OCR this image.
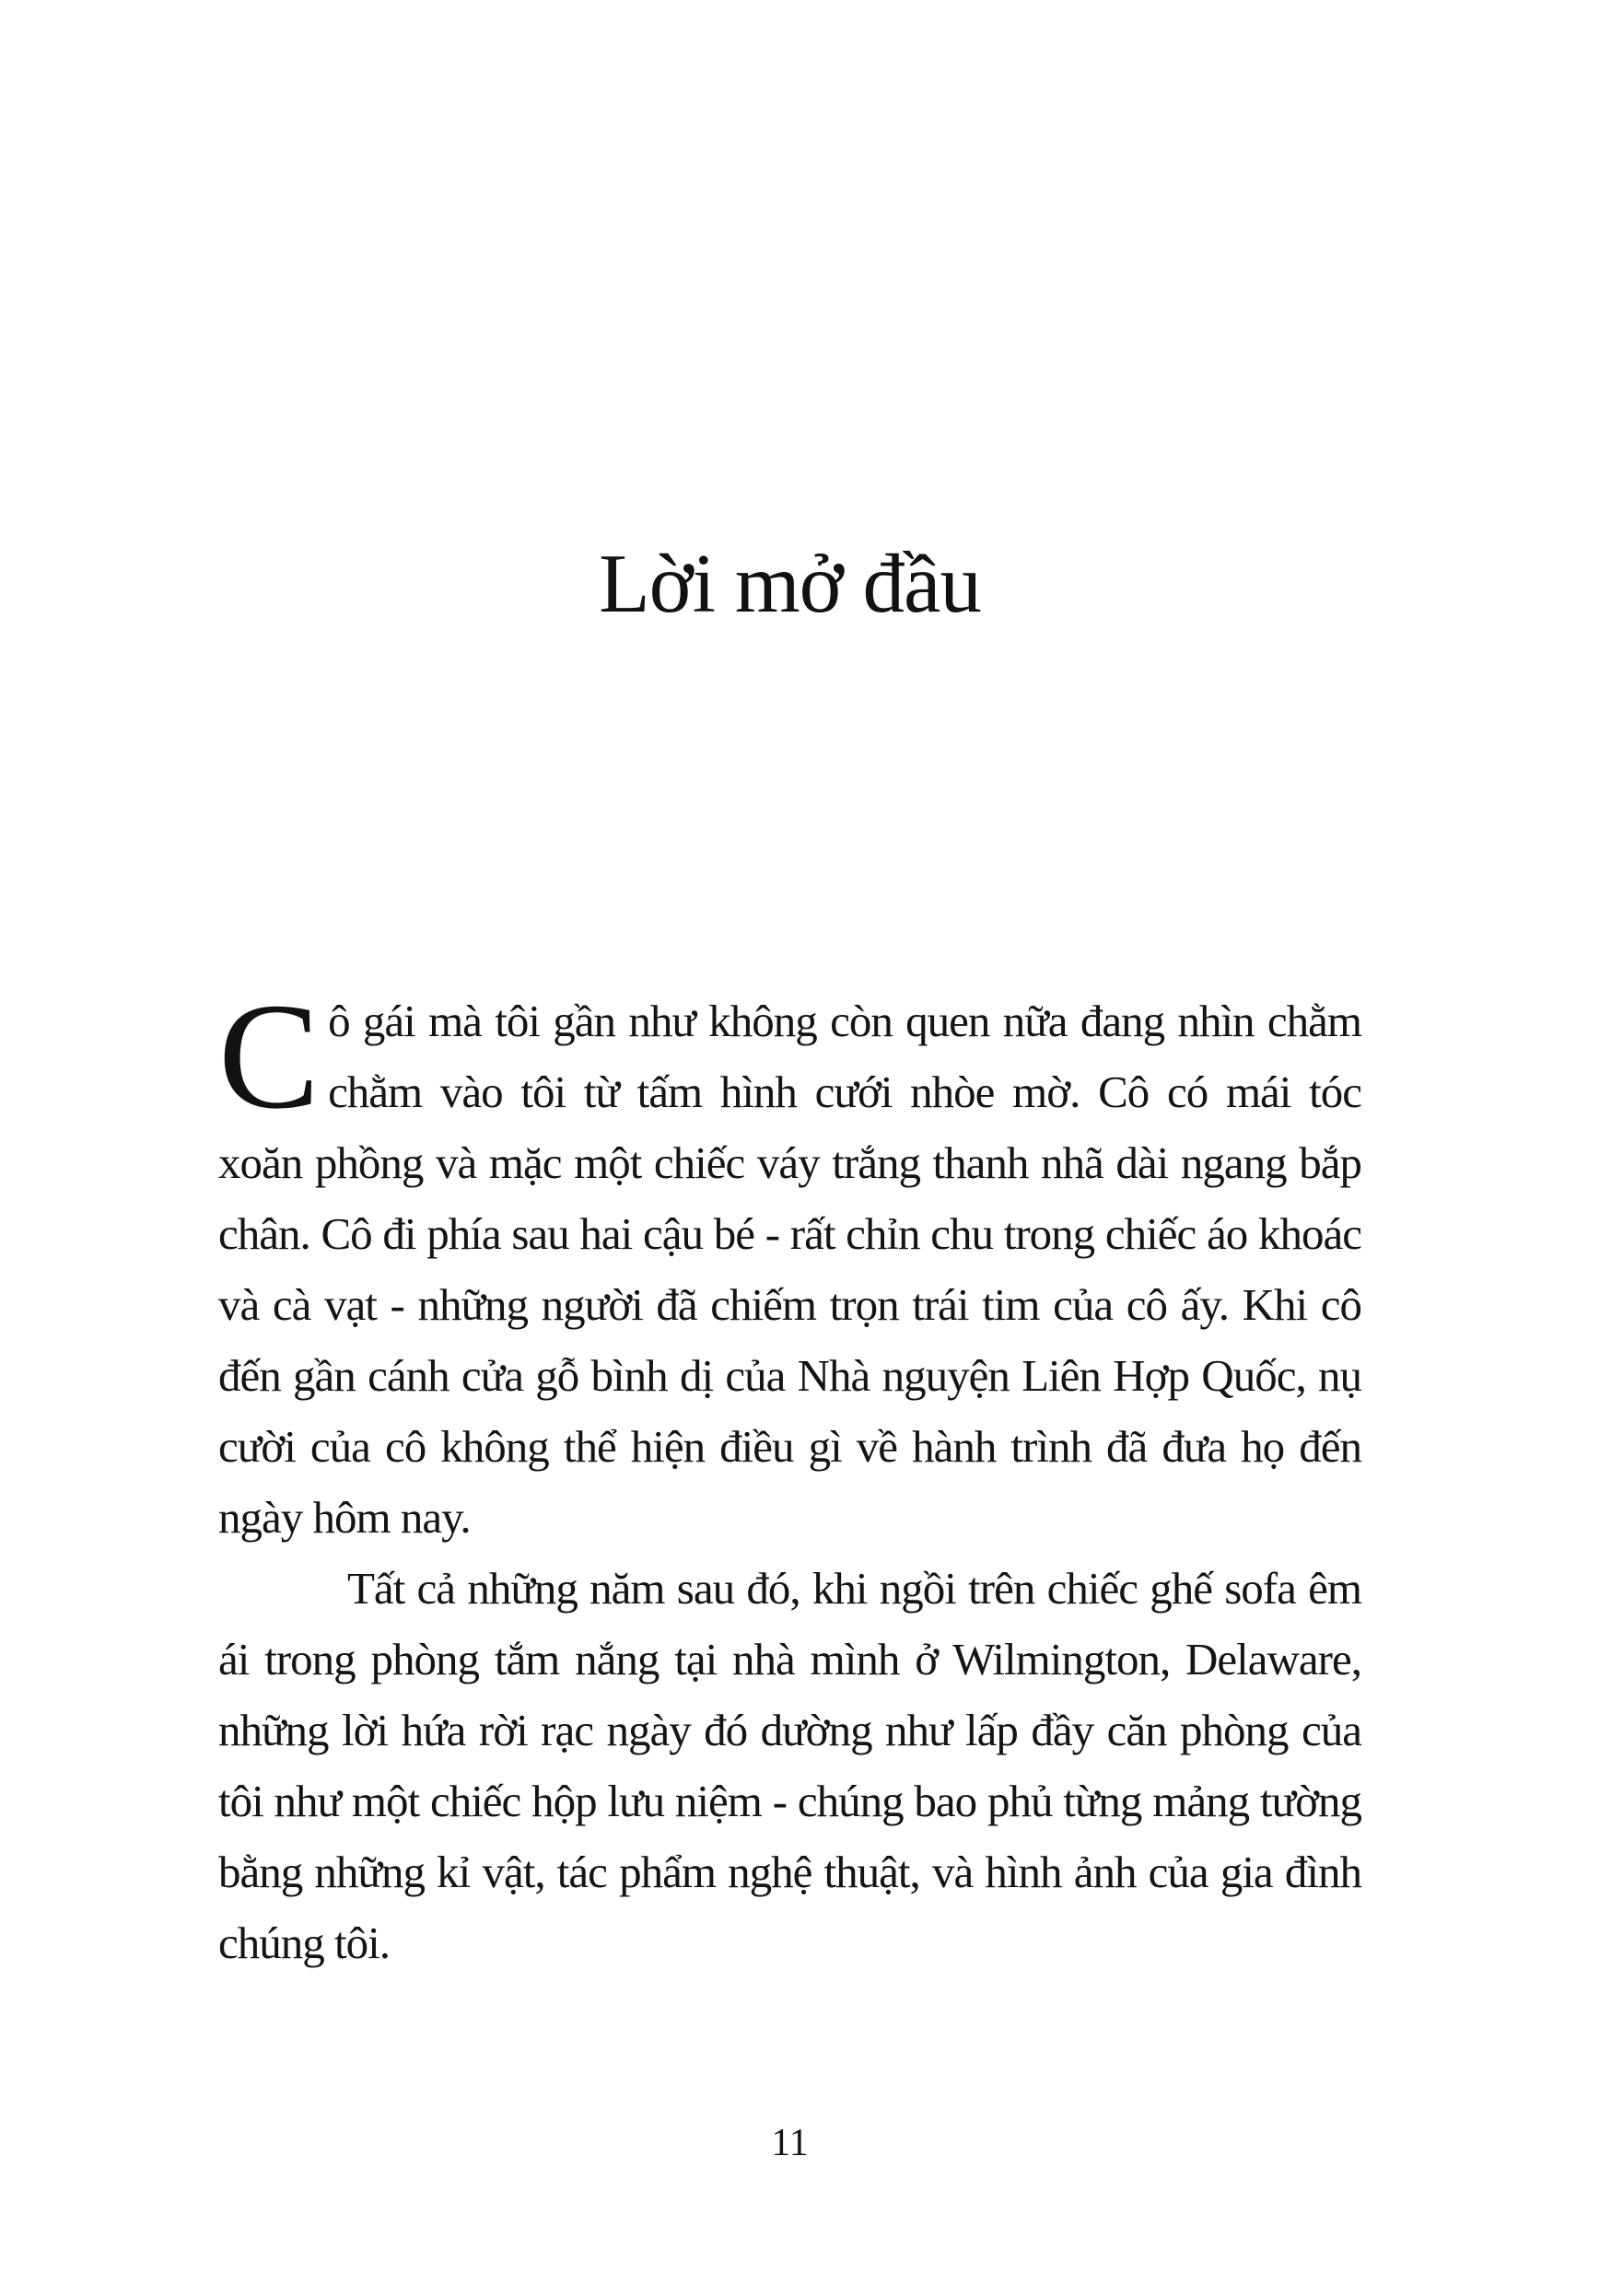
Lời mở đầu

Cô gái mà tôi gần như không còn quen nữa đang nhìn chằm chằm vào tôi từ tấm hình cưới nhòe mờ. Cô có mái tóc xoăn phồng và mặc một chiếc váy trắng thanh nhã dài ngang bắp chân. Cô đi phía sau hai cậu bé - rất chỉn chu trong chiếc áo khoác và cà vạt - những người đã chiếm trọn trái tim của cô ấy. Khi cô đến gần cánh cửa gỗ bình dị của Nhà nguyện Liên Hợp Quốc, nụ cười của cô không thể hiện điều gì về hành trình đã đưa họ đến ngày hôm nay.

Tất cả những năm sau đó, khi ngồi trên chiếc ghế sofa êm ái trong phòng tắm nắng tại nhà mình ở Wilmington, Delaware, những lời hứa rời rạc ngày đó dường như lấp đầy căn phòng của tôi như một chiếc hộp lưu niệm - chúng bao phủ từng mảng tường bằng những kỉ vật, tác phẩm nghệ thuật, và hình ảnh của gia đình chúng tôi.

11
